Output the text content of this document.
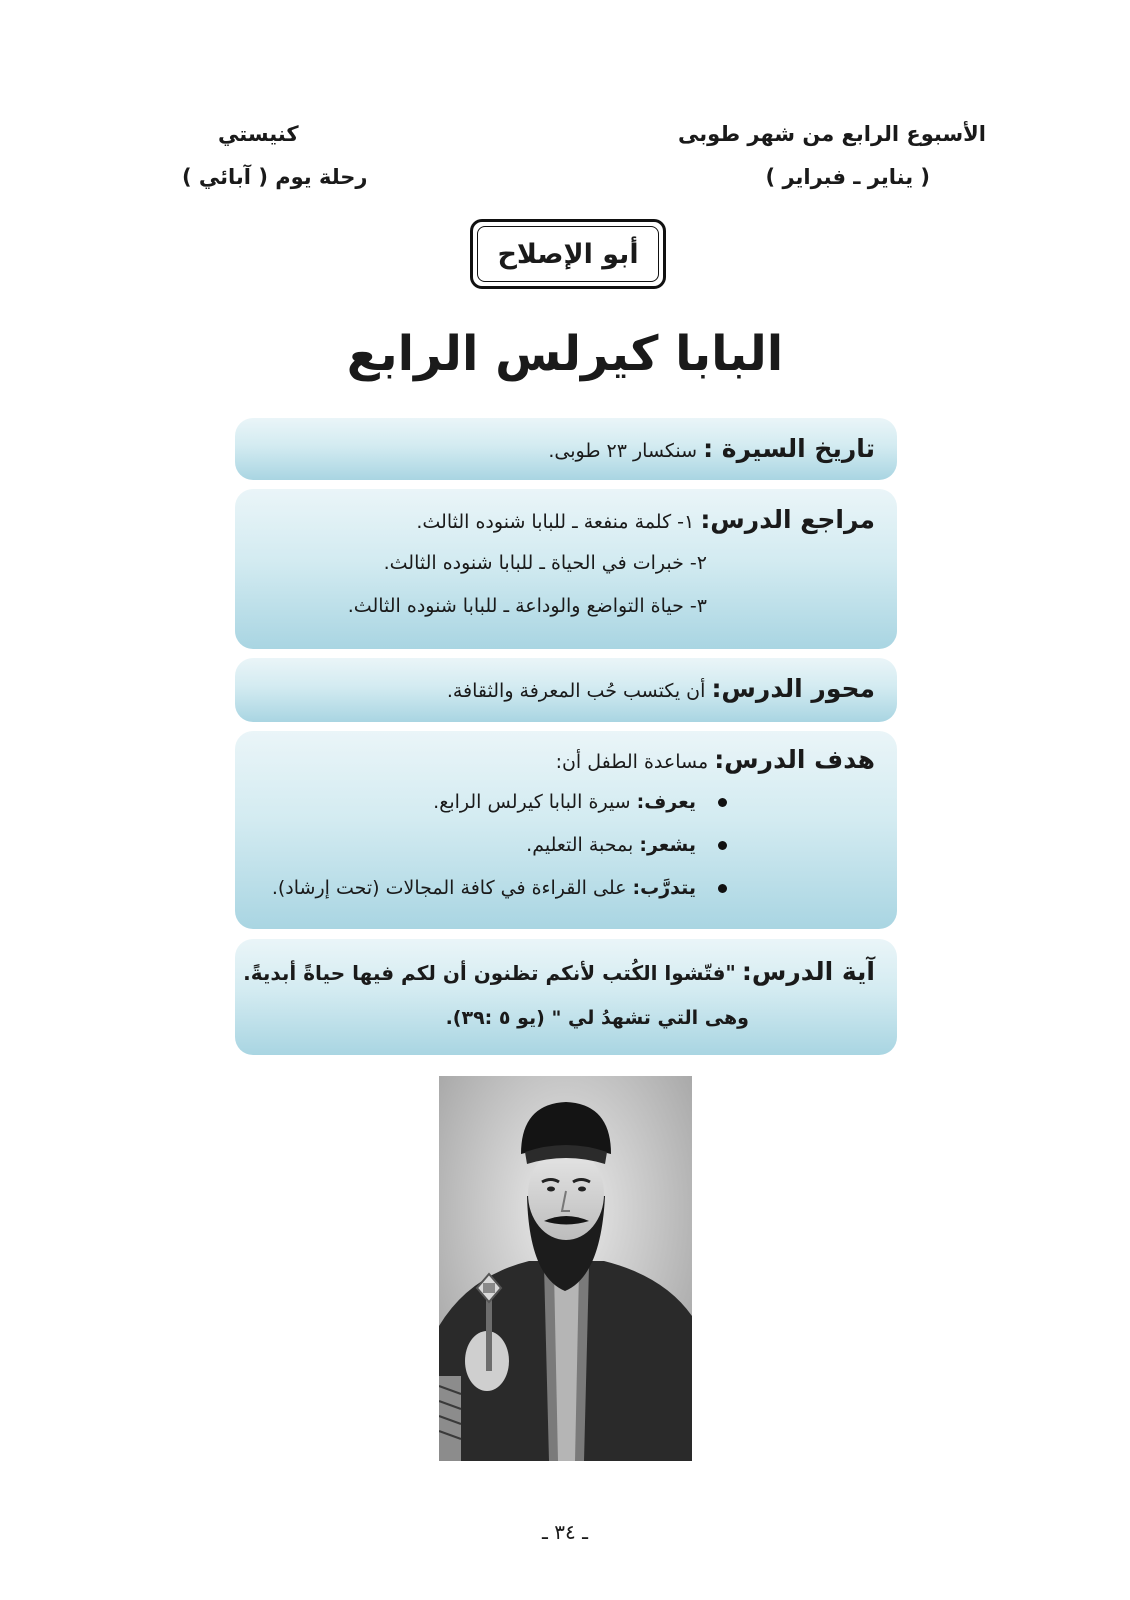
الأسبوع الرابع من شهر طوبى
( يناير ـ فبراير )
كنيستي
رحلة يوم ( آبائي )
أبو الإصلاح
البابا كيرلس الرابع
تاريخ السيرة : سنكسار ٢٣ طوبى.
مراجع الدرس: ١- كلمة منفعة ـ للبابا شنوده الثالث.
٢- خبرات في الحياة ـ للبابا شنوده الثالث.
٣- حياة التواضع والوداعة ـ للبابا شنوده الثالث.
محور الدرس: أن يكتسب حُب المعرفة والثقافة.
هدف الدرس: مساعدة الطفل أن:
يعرف: سيرة البابا كيرلس الرابع.
يشعر: بمحبة التعليم.
يتدرَّب: على القراءة في كافة المجالات (تحت إرشاد).
آية الدرس: "فتّشوا الكُتب لأنكم تظنون أن لكم فيها حياةً أبديةً.
وهى التي تشهدُ لي " (يو ٥ :٣٩).
ـ ٣٤ ـ
